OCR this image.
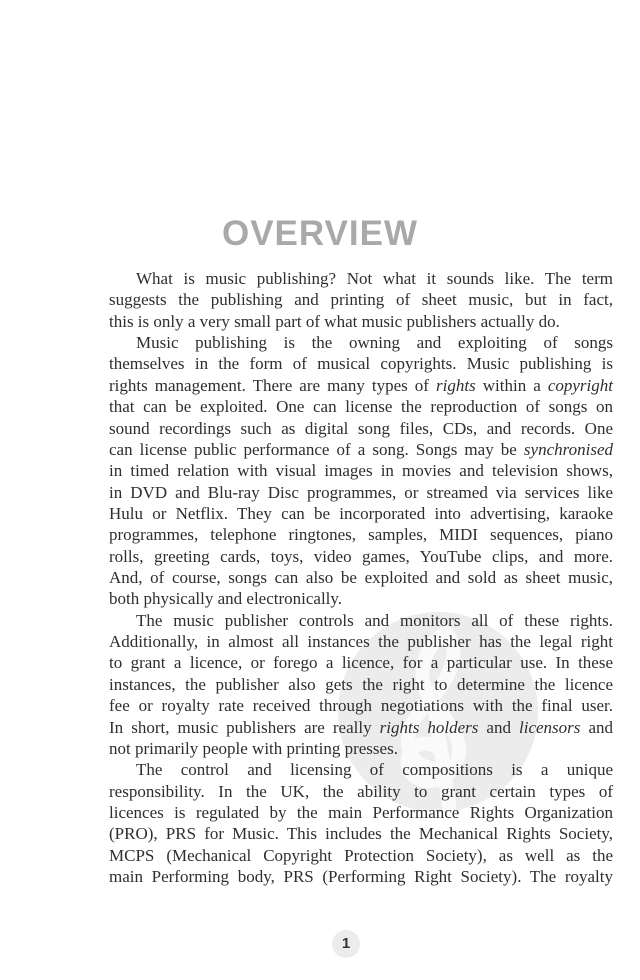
OVERVIEW
What is music publishing? Not what it sounds like. The term
suggests the publishing and printing of sheet music, but in fact,
this is only a very small part of what music publishers actually do.
Music publishing is the owning and exploiting of songs
themselves in the form of musical copyrights. Music publishing is
rights management. There are many types of rights within a copyright
that can be exploited. One can license the reproduction of songs on
sound recordings such as digital song files, CDs, and records. One
can license public performance of a song. Songs may be synchronised
in timed relation with visual images in movies and television shows,
in DVD and Blu-ray Disc programmes, or streamed via services like
Hulu or Netflix. They can be incorporated into advertising, karaoke
programmes, telephone ringtones, samples, MIDI sequences, piano
rolls, greeting cards, toys, video games, YouTube clips, and more.
And, of course, songs can also be exploited and sold as sheet music,
both physically and electronically.
The music publisher controls and monitors all of these rights.
Additionally, in almost all instances the publisher has the legal right
to grant a licence, or forego a licence, for a particular use. In these
instances, the publisher also gets the right to determine the licence
fee or royalty rate received through negotiations with the final user.
In short, music publishers are really rights holders and licensors and
not primarily people with printing presses.
The control and licensing of compositions is a unique
responsibility. In the UK, the ability to grant certain types of
licences is regulated by the main Performance Rights Organization
(PRO), PRS for Music. This includes the Mechanical Rights Society,
MCPS (Mechanical Copyright Protection Society), as well as the
main Performing body, PRS (Performing Right Society). The royalty
1
